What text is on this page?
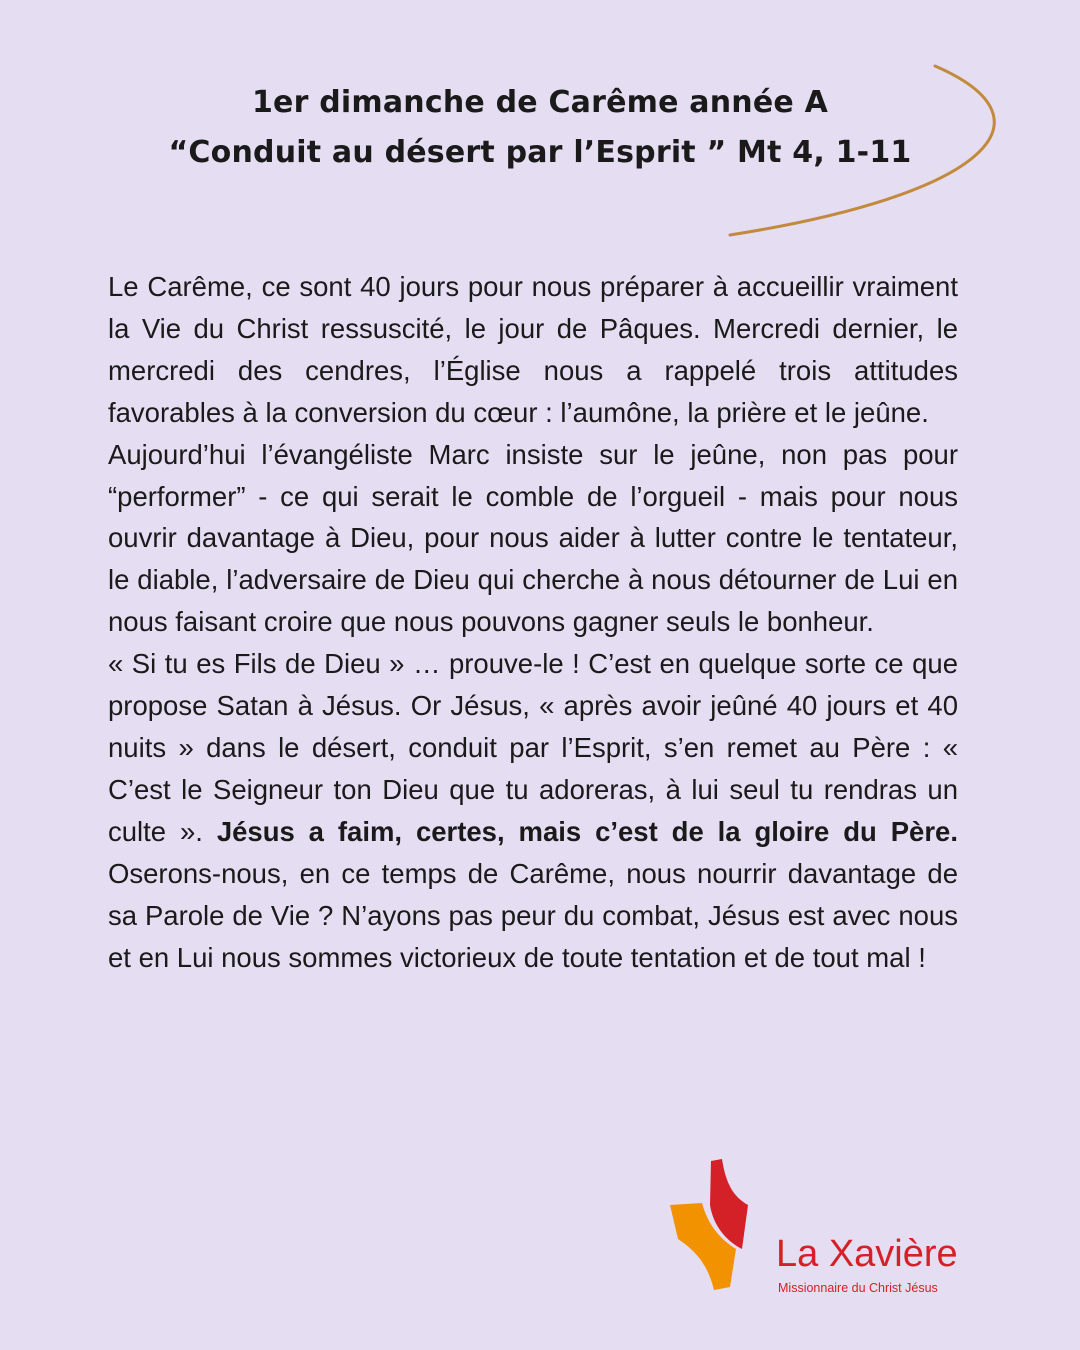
1er dimanche de Carême année A
“Conduit au désert par l’Esprit ” Mt 4, 1-11

Le Carême, ce sont 40 jours pour nous préparer à accueillir vraiment la Vie du Christ ressuscité, le jour de Pâques. Mercredi dernier, le mercredi des cendres, l’Église nous a rappelé trois attitudes favorables à la conversion du cœur : l’aumône, la prière et le jeûne.

Aujourd’hui l’évangéliste Marc insiste sur le jeûne, non pas pour “performer” - ce qui serait le comble de l’orgueil - mais pour nous ouvrir davantage à Dieu, pour nous aider à lutter contre le tentateur, le diable, l’adversaire de Dieu qui cherche à nous détourner de Lui en nous faisant croire que nous pouvons gagner seuls le bonheur.

« Si tu es Fils de Dieu » … prouve-le ! C’est en quelque sorte ce que propose Satan à Jésus. Or Jésus, « après avoir jeûné 40 jours et 40 nuits » dans le désert, conduit par l’Esprit, s’en remet au Père : « C’est le Seigneur ton Dieu que tu adoreras, à lui seul tu rendras un culte ». Jésus a faim, certes, mais c’est de la gloire du Père. Oserons-nous, en ce temps de Carême, nous nourrir davantage de sa Parole de Vie ? N’ayons pas peur du combat, Jésus est avec nous et en Lui nous sommes victorieux de toute tentation et de tout mal !

La Xavière
Missionnaire du Christ Jésus
